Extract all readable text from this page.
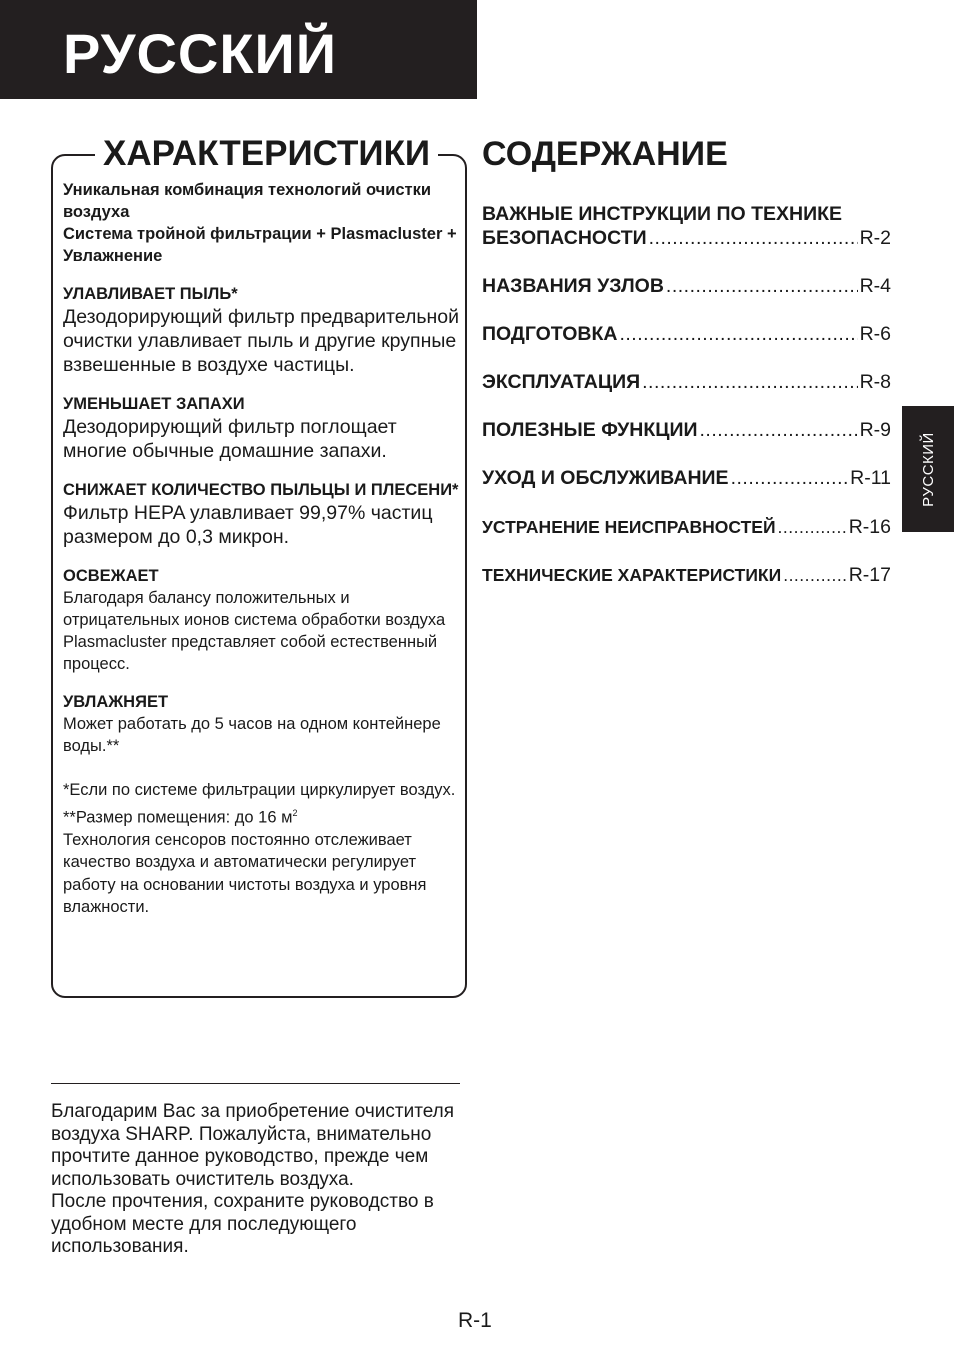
РУССКИЙ
РУССКИЙ
ХАРАКТЕРИСТИКИ
Уникальная комбинация технологий очистки воздуха
Система тройной фильтрации + Plasmacluster + Увлажнение
УЛАВЛИВАЕТ ПЫЛЬ*
Дезодорирующий фильтр предварительной очистки улавливает пыль и другие крупные взвешенные в воздухе частицы.
УМЕНЬШАЕТ ЗАПАХИ
Дезодорирующий фильтр поглощает многие обычные домашние запахи.
СНИЖАЕТ КОЛИЧЕСТВО ПЫЛЬЦЫ И ПЛЕСЕНИ*
Фильтр HEPA улавливает 99,97% частиц размером до 0,3 микрон.
ОСВЕЖАЕТ
Благодаря балансу положительных и отрицательных ионов система обработки воздуха Plasmacluster представляет собой естественный процесс.
УВЛАЖНЯЕТ
Может работать до 5 часов на одном контейнере воды.**
*Если по системе фильтрации циркулирует воздух.
**Размер помещения: до 16 $м^2$
Технология сенсоров постоянно отслеживает качество воздуха и автоматически регулирует работу на основании чистоты воздуха и уровня влажности.
СОДЕРЖАНИЕ
ВАЖНЫЕ ИНСТРУКЦИИ ПО ТЕХНИКЕ
БЕЗОПАСНОСТИ .....	R-2
НАЗВАНИЯ УЗЛОВ .....	R-4
ПОДГОТОВКА .....	R-6
ЭКСПЛУАТАЦИЯ .....	R-8
ПОЛЕЗНЫЕ ФУНКЦИИ .....	R-9
УХОД И ОБСЛУЖИВАНИЕ .....	R-11
УСТРАНЕНИЕ НЕИСПРАВНОСТЕЙ .....	R-16
ТЕХНИЧЕСКИЕ ХАРАКТЕРИСТИКИ .....	R-17
Благодарим Вас за приобретение очистителя воздуха SHARP. Пожалуйста, внимательно прочтите данное руководство, прежде чем использовать очиститель воздуха.
После прочтения, сохраните руководство в удобном месте для последующего использования.
R-1
